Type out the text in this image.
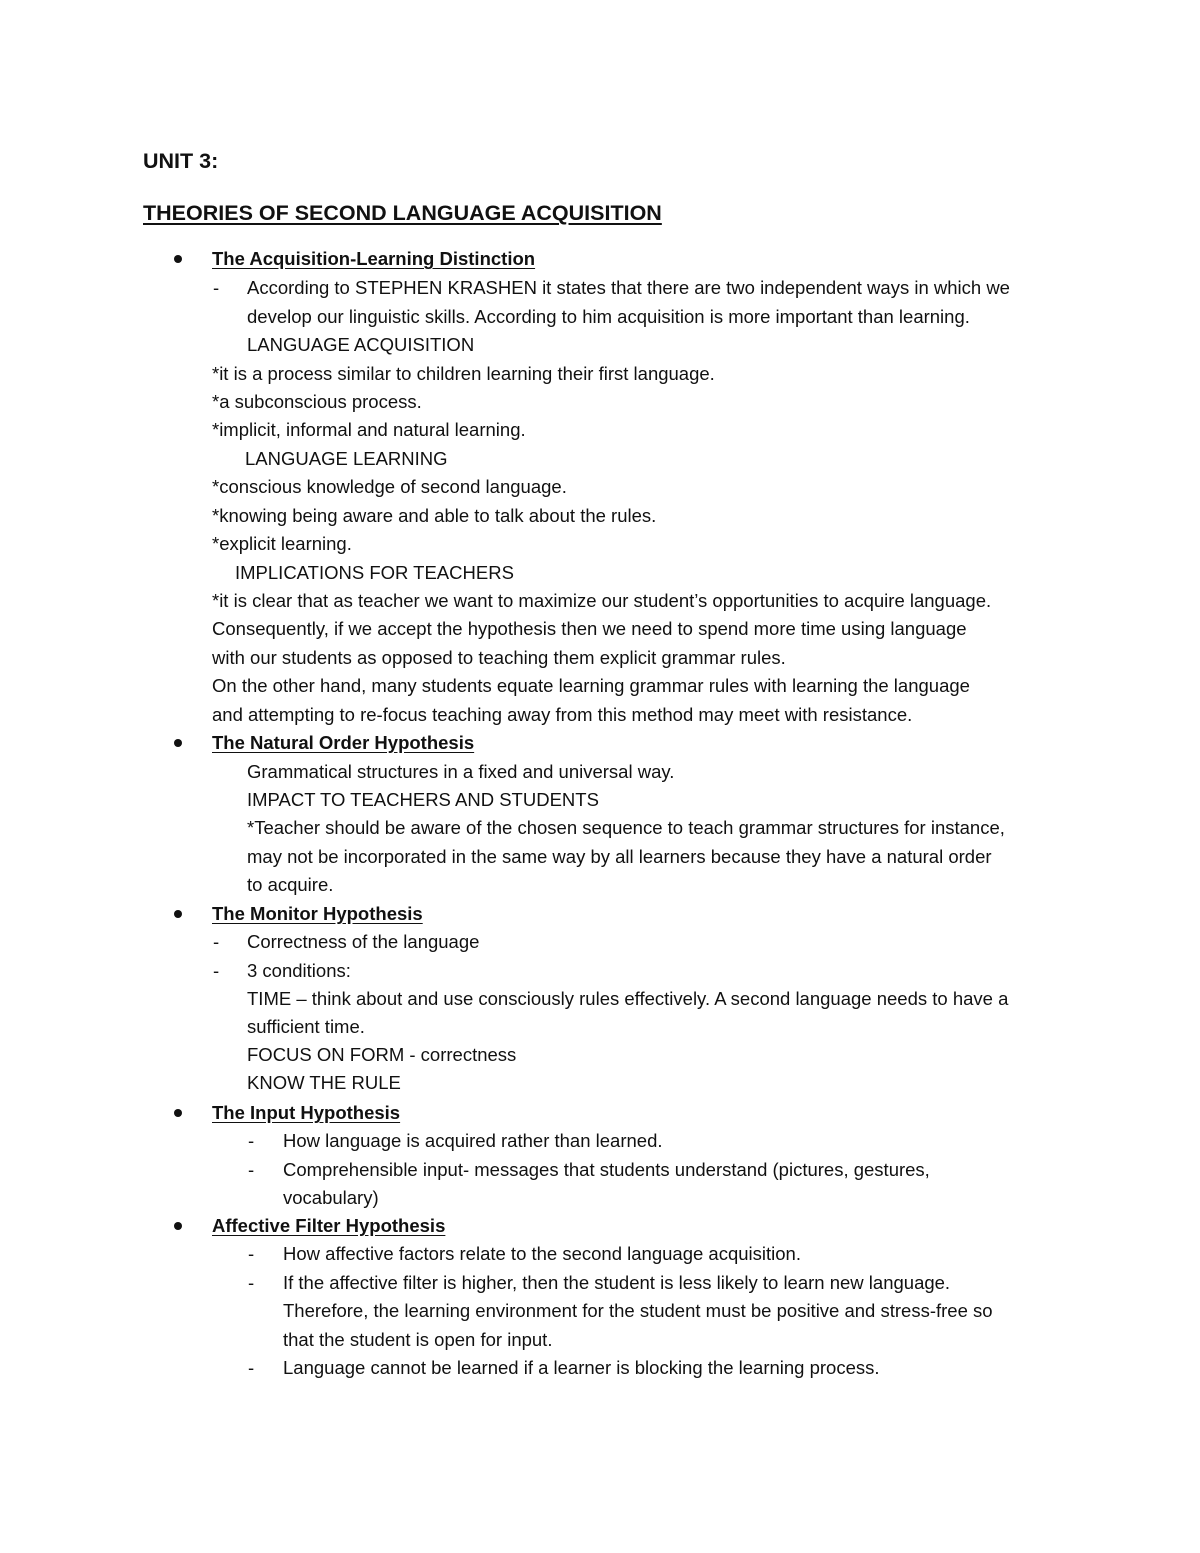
UNIT 3:
THEORIES OF SECOND LANGUAGE ACQUISITION
The Acquisition-Learning Distinction
- According to STEPHEN KRASHEN it states that there are two independent ways in which we
develop our linguistic skills. According to him acquisition is more important than learning.
LANGUAGE ACQUISITION
*it is a process similar to children learning their first language.
*a subconscious process.
*implicit, informal and natural learning.
LANGUAGE LEARNING
*conscious knowledge of second language.
*knowing being aware and able to talk about the rules.
*explicit learning.
IMPLICATIONS FOR TEACHERS
*it is clear that as teacher we want to maximize our student’s opportunities to acquire language.
Consequently, if we accept the hypothesis then we need to spend more time using language
with our students as opposed to teaching them explicit grammar rules.
On the other hand, many students equate learning grammar rules with learning the language
and attempting to re-focus teaching away from this method may meet with resistance.
The Natural Order Hypothesis
Grammatical structures in a fixed and universal way.
IMPACT TO TEACHERS AND STUDENTS
*Teacher should be aware of the chosen sequence to teach grammar structures for instance,
may not be incorporated in the same way by all learners because they have a natural order
to acquire.
The Monitor Hypothesis
- Correctness of the language
- 3 conditions:
TIME – think about and use consciously rules effectively. A second language needs to have a
sufficient time.
FOCUS ON FORM - correctness
KNOW THE RULE
The Input Hypothesis
- How language is acquired rather than learned.
- Comprehensible input- messages that students understand (pictures, gestures,
vocabulary)
Affective Filter Hypothesis
- How affective factors relate to the second language acquisition.
- If the affective filter is higher, then the student is less likely to learn new language.
Therefore, the learning environment for the student must be positive and stress-free so
that the student is open for input.
- Language cannot be learned if a learner is blocking the learning process.
